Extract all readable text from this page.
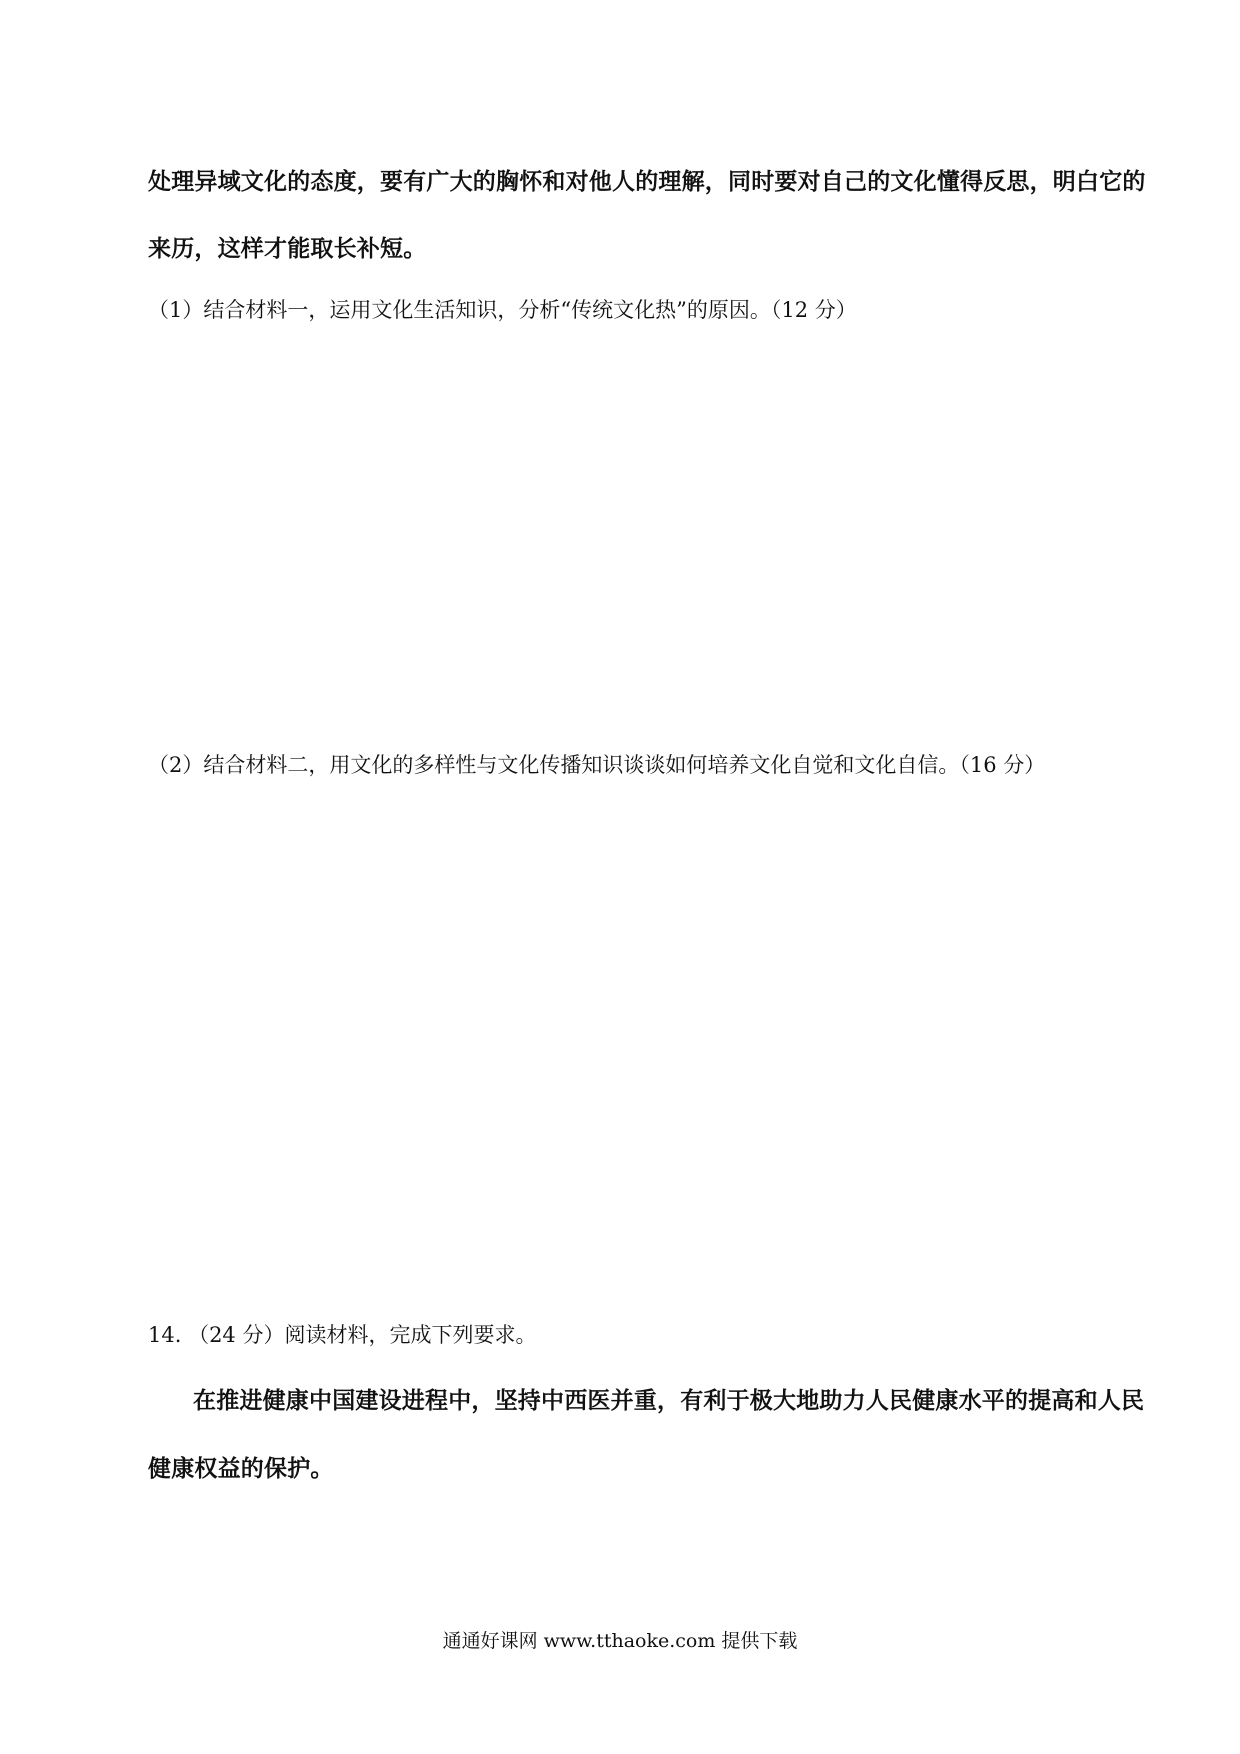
处理异域文化的态度，要有广大的胸怀和对他人的理解，同时要对自己的文化懂得反思，明白它的
来历，这样才能取长补短。
（1）结合材料一，运用文化生活知识，分析“传统文化热”的原因。（12 分）
（2）结合材料二，用文化的多样性与文化传播知识谈谈如何培养文化自觉和文化自信。（16 分）
14. （24 分）阅读材料，完成下列要求。
在推进健康中国建设进程中，坚持中西医并重，有利于极大地助力人民健康水平的提高和人民
健康权益的保护。
通通好课网 www.tthaoke.com 提供下载
